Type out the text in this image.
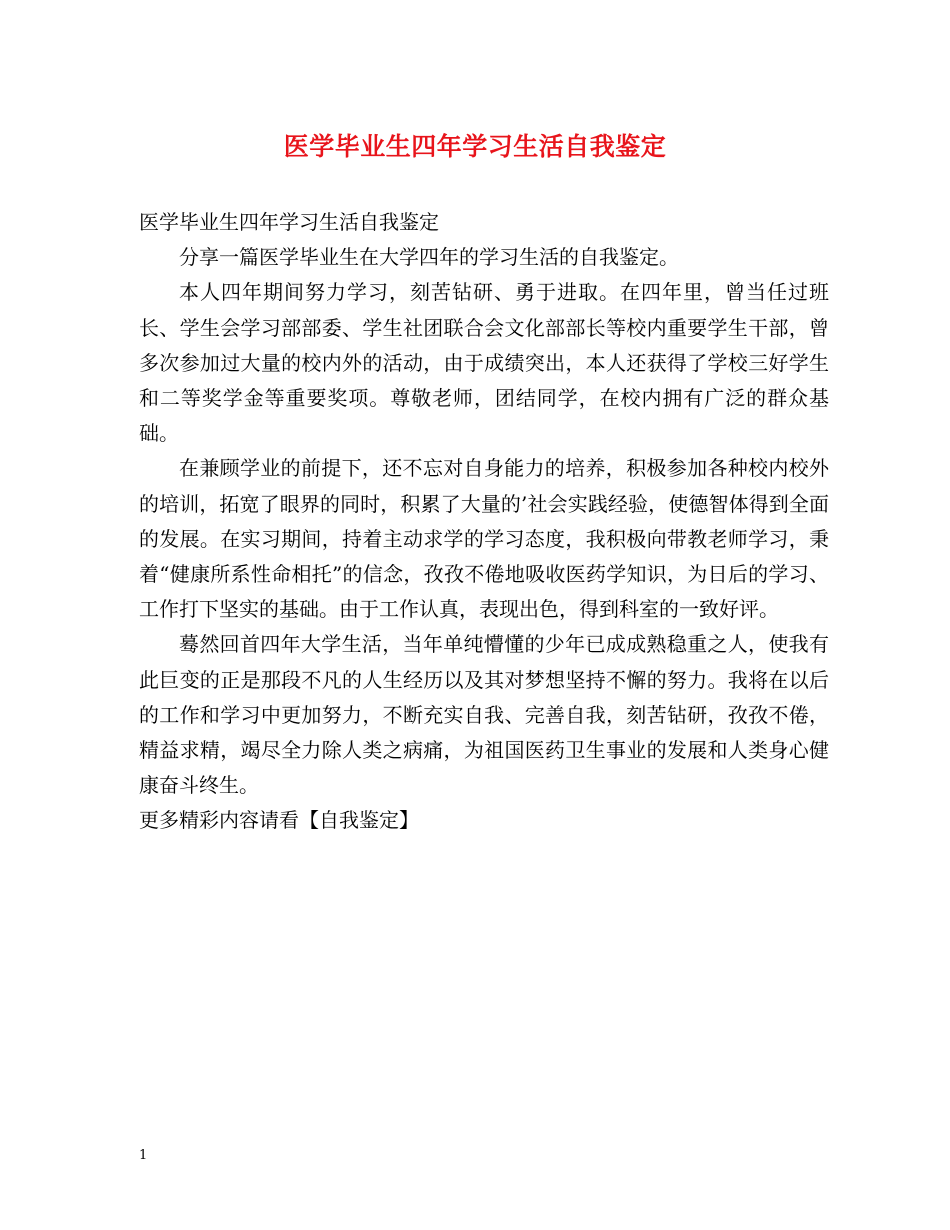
医学毕业生四年学习生活自我鉴定

医学毕业生四年学习生活自我鉴定

分享一篇医学毕业生在大学四年的学习生活的自我鉴定。

本人四年期间努力学习，刻苦钻研、勇于进取。在四年里，曾当任过班长、学生会学习部部委、学生社团联合会文化部部长等校内重要学生干部，曾多次参加过大量的校内外的活动，由于成绩突出，本人还获得了学校三好学生和二等奖学金等重要奖项。尊敬老师，团结同学，在校内拥有广泛的群众基础。

在兼顾学业的前提下，还不忘对自身能力的培养，积极参加各种校内校外的培训，拓宽了眼界的同时，积累了大量的’社会实践经验，使德智体得到全面的发展。在实习期间，持着主动求学的学习态度，我积极向带教老师学习，秉着“健康所系性命相托”的信念，孜孜不倦地吸收医药学知识，为日后的学习、工作打下坚实的基础。由于工作认真，表现出色，得到科室的一致好评。

蓦然回首四年大学生活，当年单纯懵懂的少年已成成熟稳重之人，使我有此巨变的正是那段不凡的人生经历以及其对梦想坚持不懈的努力。我将在以后的工作和学习中更加努力，不断充实自我、完善自我，刻苦钻研，孜孜不倦，精益求精，竭尽全力除人类之病痛，为祖国医药卫生事业的发展和人类身心健康奋斗终生。

更多精彩内容请看【自我鉴定】

1
